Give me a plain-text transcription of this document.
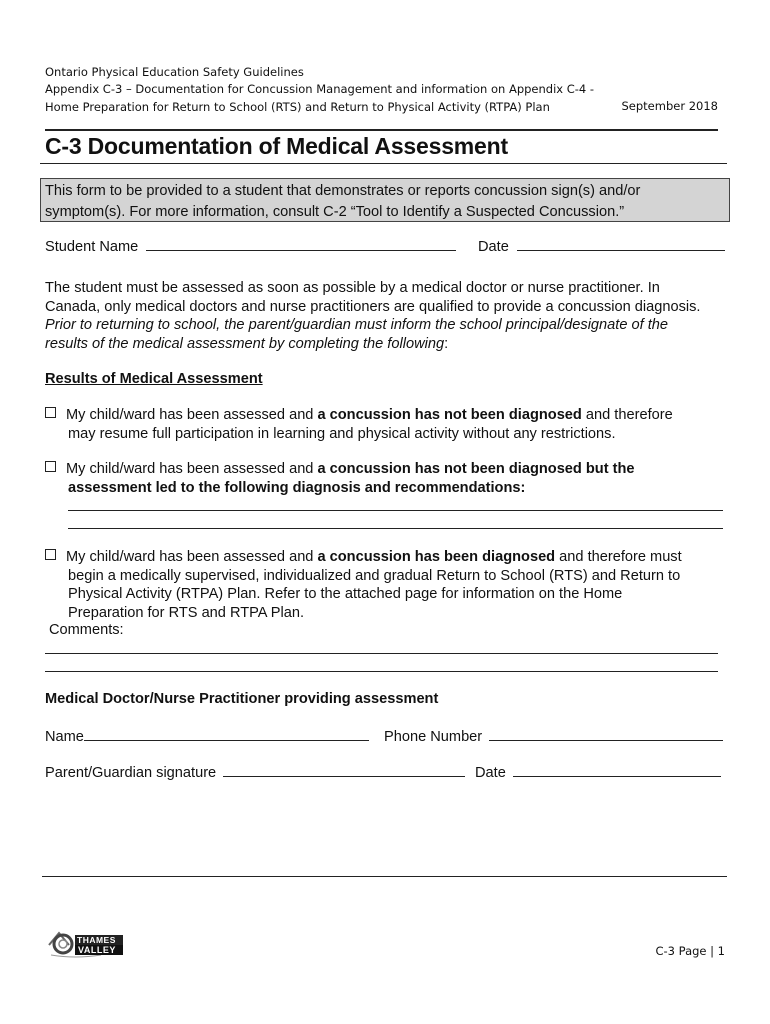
Ontario Physical Education Safety Guidelines
Appendix C-3 – Documentation for Concussion Management and information on Appendix C-4 -
Home Preparation for Return to School (RTS) and Return to Physical Activity (RTPA) Plan	September 2018
C-3 Documentation of Medical Assessment
This form to be provided to a student that demonstrates or reports concussion sign(s) and/or
symptom(s). For more information, consult C-2 “Tool to Identify a Suspected Concussion.”
Student Name	Date
The student must be assessed as soon as possible by a medical doctor or nurse practitioner. In
Canada, only medical doctors and nurse practitioners are qualified to provide a concussion diagnosis.
Prior to returning to school, the parent/guardian must inform the school principal/designate of the
results of the medical assessment by completing the following:
Results of Medical Assessment
My child/ward has been assessed and a concussion has not been diagnosed and therefore
may resume full participation in learning and physical activity without any restrictions.
My child/ward has been assessed and a concussion has not been diagnosed but the
assessment led to the following diagnosis and recommendations:
My child/ward has been assessed and a concussion has been diagnosed and therefore must
begin a medically supervised, individualized and gradual Return to School (RTS) and Return to
Physical Activity (RTPA) Plan. Refer to the attached page for information on the Home
Preparation for RTS and RTPA Plan.
Comments:
Medical Doctor/Nurse Practitioner providing assessment
Name	Phone Number
Parent/Guardian signature	Date
THAMES
VALLEY	C-3 Page | 1
